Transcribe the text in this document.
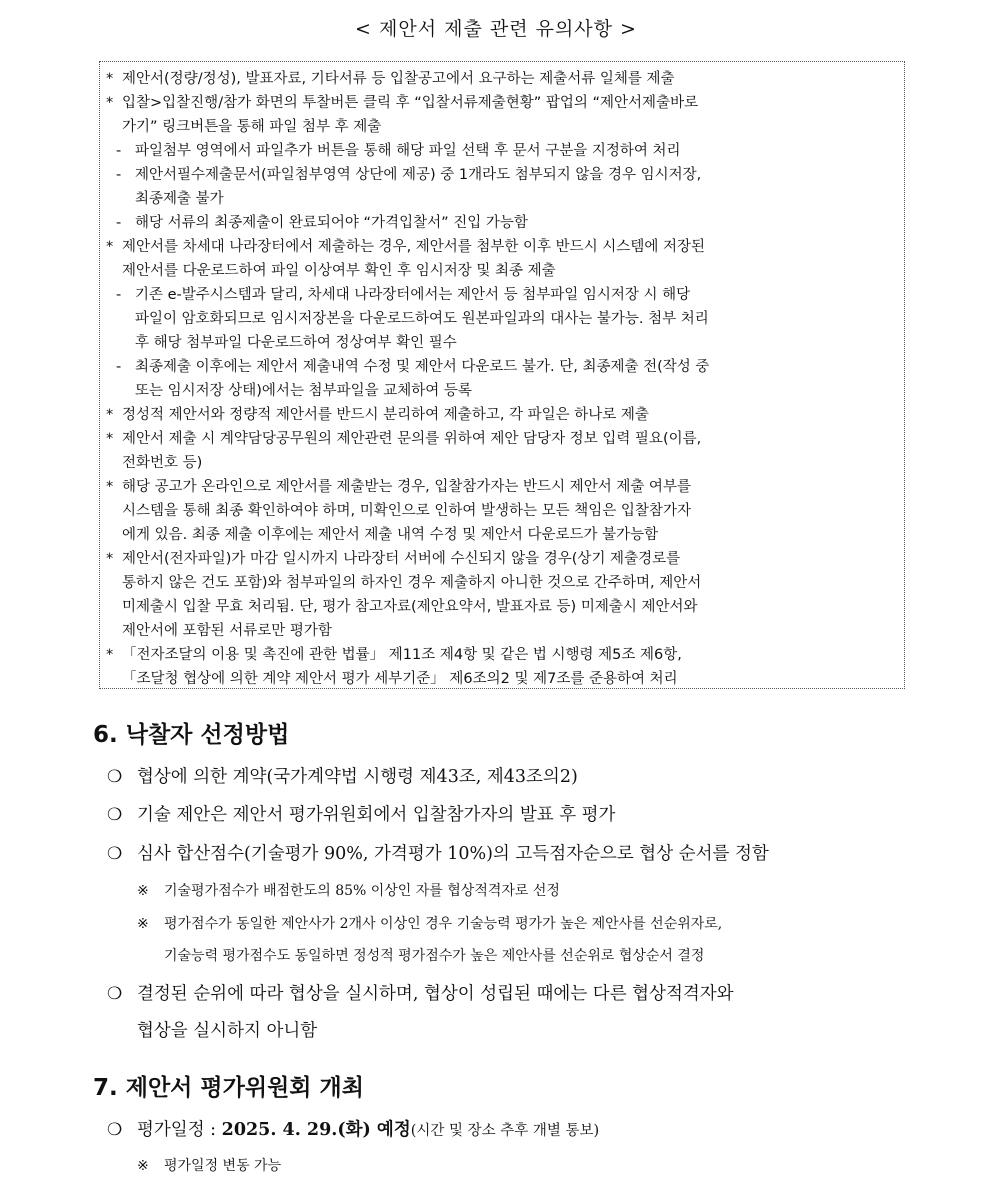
< 제안서 제출 관련 유의사항 >
* 제안서(정량/정성), 발표자료, 기타서류 등 입찰공고에서 요구하는 제출서류 일체를 제출
* 입찰>입찰진행/참가 화면의 투찰버튼 클릭 후 “입찰서류제출현황” 팝업의 “제안서제출바로
가기” 링크버튼을 통해 파일 첨부 후 제출
- 파일첨부 영역에서 파일추가 버튼을 통해 해당 파일 선택 후 문서 구분을 지정하여 처리
- 제안서필수제출문서(파일첨부영역 상단에 제공) 중 1개라도 첨부되지 않을 경우 임시저장,
최종제출 불가
- 해당 서류의 최종제출이 완료되어야 “가격입찰서” 진입 가능함
* 제안서를 차세대 나라장터에서 제출하는 경우, 제안서를 첨부한 이후 반드시 시스템에 저장된
제안서를 다운로드하여 파일 이상여부 확인 후 임시저장 및 최종 제출
- 기존 e-발주시스템과 달리, 차세대 나라장터에서는 제안서 등 첨부파일 임시저장 시 해당
파일이 암호화되므로 임시저장본을 다운로드하여도 원본파일과의 대사는 불가능. 첨부 처리
후 해당 첨부파일 다운로드하여 정상여부 확인 필수
- 최종제출 이후에는 제안서 제출내역 수정 및 제안서 다운로드 불가. 단, 최종제출 전(작성 중
또는 임시저장 상태)에서는 첨부파일을 교체하여 등록
* 정성적 제안서와 정량적 제안서를 반드시 분리하여 제출하고, 각 파일은 하나로 제출
* 제안서 제출 시 계약담당공무원의 제안관련 문의를 위하여 제안 담당자 정보 입력 필요(이름,
전화번호 등)
* 해당 공고가 온라인으로 제안서를 제출받는 경우, 입찰참가자는 반드시 제안서 제출 여부를
시스템을 통해 최종 확인하여야 하며, 미확인으로 인하여 발생하는 모든 책임은 입찰참가자
에게 있음. 최종 제출 이후에는 제안서 제출 내역 수정 및 제안서 다운로드가 불가능함
* 제안서(전자파일)가 마감 일시까지 나라장터 서버에 수신되지 않을 경우(상기 제출경로를
통하지 않은 건도 포함)와 첨부파일의 하자인 경우 제출하지 아니한 것으로 간주하며, 제안서
미제출시 입찰 무효 처리됨. 단, 평가 참고자료(제안요약서, 발표자료 등) 미제출시 제안서와
제안서에 포함된 서류로만 평가함
* 「전자조달의 이용 및 촉진에 관한 법률」 제11조 제4항 및 같은 법 시행령 제5조 제6항,
「조달청 협상에 의한 계약 제안서 평가 세부기준」 제6조의2 및 제7조를 준용하여 처리
6. 낙찰자 선정방법
❍ 협상에 의한 계약(국가계약법 시행령 제43조, 제43조의2)
❍ 기술 제안은 제안서 평가위원회에서 입찰참가자의 발표 후 평가
❍ 심사 합산점수(기술평가 90%, 가격평가 10%)의 고득점자순으로 협상 순서를 정함
※ 기술평가점수가 배점한도의 85% 이상인 자를 협상적격자로 선정
※ 평가점수가 동일한 제안사가 2개사 이상인 경우 기술능력 평가가 높은 제안사를 선순위자로,
기술능력 평가점수도 동일하면 정성적 평가점수가 높은 제안사를 선순위로 협상순서 결정
❍ 결정된 순위에 따라 협상을 실시하며, 협상이 성립된 때에는 다른 협상적격자와
협상을 실시하지 아니함
7. 제안서 평가위원회 개최
❍ 평가일정 : 2025. 4. 29.(화) 예정(시간 및 장소 추후 개별 통보)
※ 평가일정 변동 가능
